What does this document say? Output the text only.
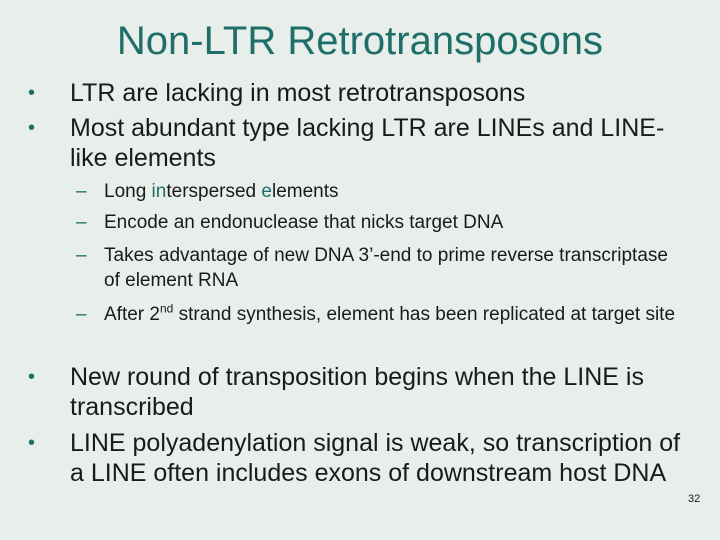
Non-LTR Retrotransposons
•	LTR are lacking in most retrotransposons
•	Most abundant type lacking LTR are LINEs and LINE-like elements
– Long interspersed elements
– Encode an endonuclease that nicks target DNA
– Takes advantage of new DNA 3’-end to prime reverse transcriptase of element RNA
– After 2nd strand synthesis, element has been replicated at target site
•	New round of transposition begins when the LINE is transcribed
•	LINE polyadenylation signal is weak, so transcription of a LINE often includes exons of downstream host DNA
32
